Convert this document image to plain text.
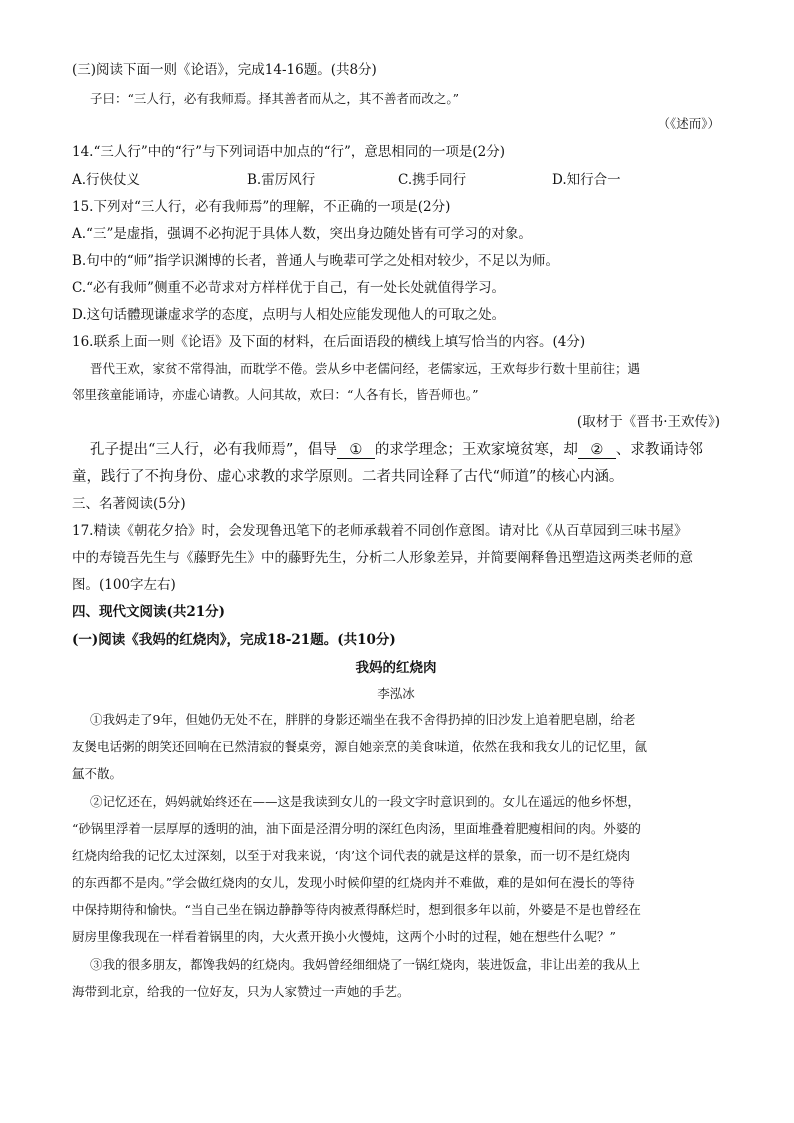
(三)阅读下面一则《论语》，完成14-16题。(共8分)
子曰：“三人行，必有我师焉。择其善者而从之，其不善者而改之。”
（《述而》）
14.“三人行”中的“行”与下列词语中加点的“行”，意思相同的一项是(2分)
A.行侠仗义	B.雷厉风行	C.携手同行	D.知行合一
15.下列对“三人行，必有我师焉”的理解，不正确的一项是(2分)
A.“三”是虚指，强调不必拘泥于具体人数，突出身边随处皆有可学习的对象。
B.句中的“师”指学识渊博的长者，普通人与晚辈可学之处相对较少，不足以为师。
C.“必有我师”侧重不必苛求对方样样优于自己，有一处长处就值得学习。
D.这句话體现谦虚求学的态度，点明与人相处应能发现他人的可取之处。
16.联系上面一则《论语》及下面的材料，在后面语段的横线上填写恰当的内容。(4分)
晋代王欢，家贫不常得油，而耽学不倦。尝从乡中老儒问经，老儒家远，王欢每步行数十里前往；遇
邻里孩童能诵诗，亦虚心请教。人问其故，欢曰：“人各有长，皆吾师也。”
(取材于《晋书·王欢传》)
孔子提出“三人行，必有我师焉”，倡导 ① 的求学理念；王欢家境贫寒，却 ② 、求教诵诗邻
童，践行了不拘身份、虚心求教的求学原则。二者共同诠释了古代“师道”的核心内涵。
三、名著阅读(5分)
17.精读《朝花夕拾》时，会发现鲁迅笔下的老师承载着不同创作意图。请对比《从百草园到三味书屋》
中的寿镜吾先生与《藤野先生》中的藤野先生，分析二人形象差异，并简要阐释鲁迅塑造这两类老师的意
图。(100字左右)
四、现代文阅读(共21分)
(一)阅读《我妈的红烧肉》，完成18-21题。(共10分)
我妈的红烧肉
李泓冰
①我妈走了9年，但她仍无处不在，胖胖的身影还端坐在我不舍得扔掉的旧沙发上追着肥皂剧，给老
友煲电话粥的朗笑还回响在已然清寂的餐桌旁，源自她亲烹的美食味道，依然在我和我女儿的记忆里，氤
氲不散。
②记忆还在，妈妈就始终还在——这是我读到女儿的一段文字时意识到的。女儿在遥远的他乡怀想，
“砂锅里浮着一层厚厚的透明的油，油下面是泾渭分明的深红色肉汤，里面堆叠着肥瘦相间的肉。外婆的
红烧肉给我的记忆太过深刻，以至于对我来说，‘肉’这个词代表的就是这样的景象，而一切不是红烧肉
的东西都不是肉。”学会做红烧肉的女儿，发现小时候仰望的红烧肉并不难做，难的是如何在漫长的等待
中保持期待和愉快。“当自己坐在锅边静静等待肉被煮得酥烂时，想到很多年以前，外婆是不是也曾经在
厨房里像我现在一样看着锅里的肉，大火煮开换小火慢炖，这两个小时的过程，她在想些什么呢？”
③我的很多朋友，都馋我妈的红烧肉。我妈曾经细细烧了一锅红烧肉，装进饭盒，非让出差的我从上
海带到北京，给我的一位好友，只为人家赞过一声她的手艺。
